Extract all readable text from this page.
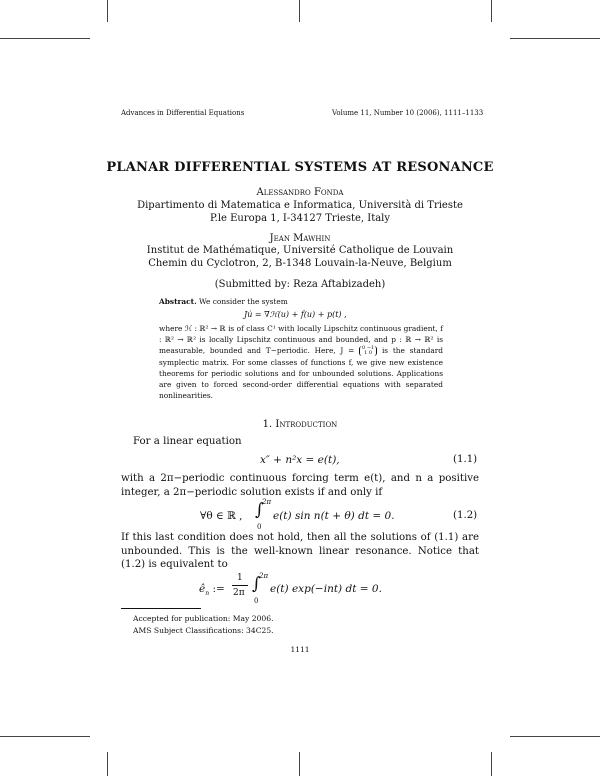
Advances in Differential Equations	Volume 11, Number 10 (2006), 1111–1133
PLANAR DIFFERENTIAL SYSTEMS AT RESONANCE
Alessandro Fonda
Dipartimento di Matematica e Informatica, Università di Trieste
P.le Europa 1, I-34127 Trieste, Italy
Jean Mawhin
Institut de Mathématique, Université Catholique de Louvain
Chemin du Cyclotron, 2, B-1348 Louvain-la-Neuve, Belgium
(Submitted by: Reza Aftabizadeh)
Abstract. We consider the system
Ju̇ = ∇ℋ(u) + f(u) + p(t) ,
where ℋ : ℝ² → ℝ is of class C¹ with locally Lipschitz continuous gradient, f : ℝ² → ℝ² is locally Lipschitz continuous and bounded, and p : ℝ → ℝ² is measurable, bounded and T−periodic. Here, J = 0 −1
1 0 is the standard symplectic matrix. For some classes of functions f, we give new existence theorems for periodic solutions and for unbounded solutions. Applications are given to forced second-order differential equations with separated nonlinearities.
1. Introduction
For a linear equation
x″ + n²x = e(t),	(1.1)
with a 2π−periodic continuous forcing term e(t), and n a positive integer, a 2π−periodic solution exists if and only if
∀θ ∈ ℝ , ∫
2π
0
e(t) sin n(t + θ) dt = 0.	(1.2)
If this last condition does not hold, then all the solutions of (1.1) are unbounded. This is the well-known linear resonance. Notice that (1.2) is equivalent to
$ê_n$ :=
1
2π ∫
2π
0
e(t) exp(−int) dt = 0.
Accepted for publication: May 2006.
AMS Subject Classifications: 34C25.
1111
